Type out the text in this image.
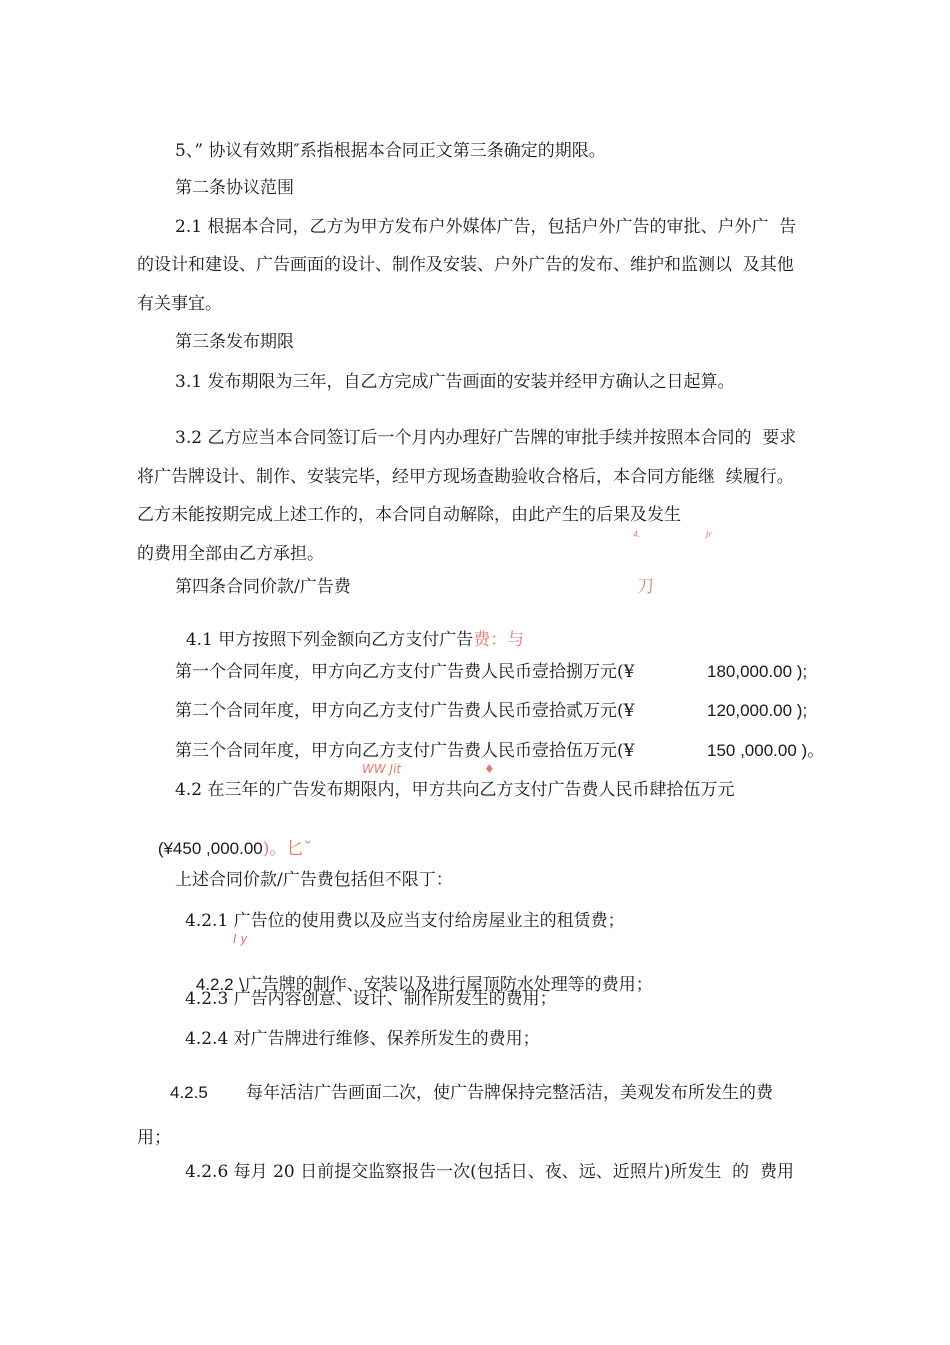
5、” 协议有效期″系指根据本合同正文第三条确定的期限。
第二条协议范围
2.1 根据本合同，乙方为甲方发布户外媒体广告，包括户外广告的审批、户外广  告
的设计和建设、广告画面的设计、制作及安装、户外广告的发布、维护和监测以  及其他
有关事宜。
第三条发布期限
3.1 发布期限为三年，自乙方完成广告画面的安装并经甲方确认之日起算。
3.2 乙方应当本合同签订后一个月内办理好广告牌的审批手续并按照本合同的  要求
将广告牌设计、制作、安装完毕，经甲方现场查勘验收合格后，本合同方能继  续履行。
乙方未能按期完成上述工作的，本合同自动解除，由此产生的后果及发生
4.	Jr
的费用全部由乙方承担。
第四条合同价款/广告费	刀

4.1 甲方按照下列金额向乙方支付广告费：与

第一个合同年度，甲方向乙方支付广告费人民币壹拾捌万元(¥	180,000.00 );
第二个合同年度，甲方向乙方支付广告费人民币壹拾贰万元(¥	120,000.00 );
第三个合同年度，甲方向乙方支付广告费人民币壹拾伍万元(¥	150 ,000.00 )。
WW Jit	♦
4.2 在三年的广告发布期限内，甲方共向乙方支付广告费人民币肆拾伍万元

(¥450 ,000.00)。匕ˇ

上述合同价款/广告费包括但不限丁：
4.2.1 广告位的使用费以及应当支付给房屋业主的租赁费；
I y

4.2.2 \广告牌的制作、安装以及进行屋顶防水处理等的费用；

4.2.3 广告内容创意、设计、制作所发生的费用；
4.2.4 对广告牌进行维修、保养所发生的费用；
4.2.5 每年活洁广告画面二次，使广告牌保持完整活洁，美观发布所发生的费
用；
4.2.6 每月 20 日前提交监察报告一次(包括日、夜、远、近照片)所发生  的  费用
